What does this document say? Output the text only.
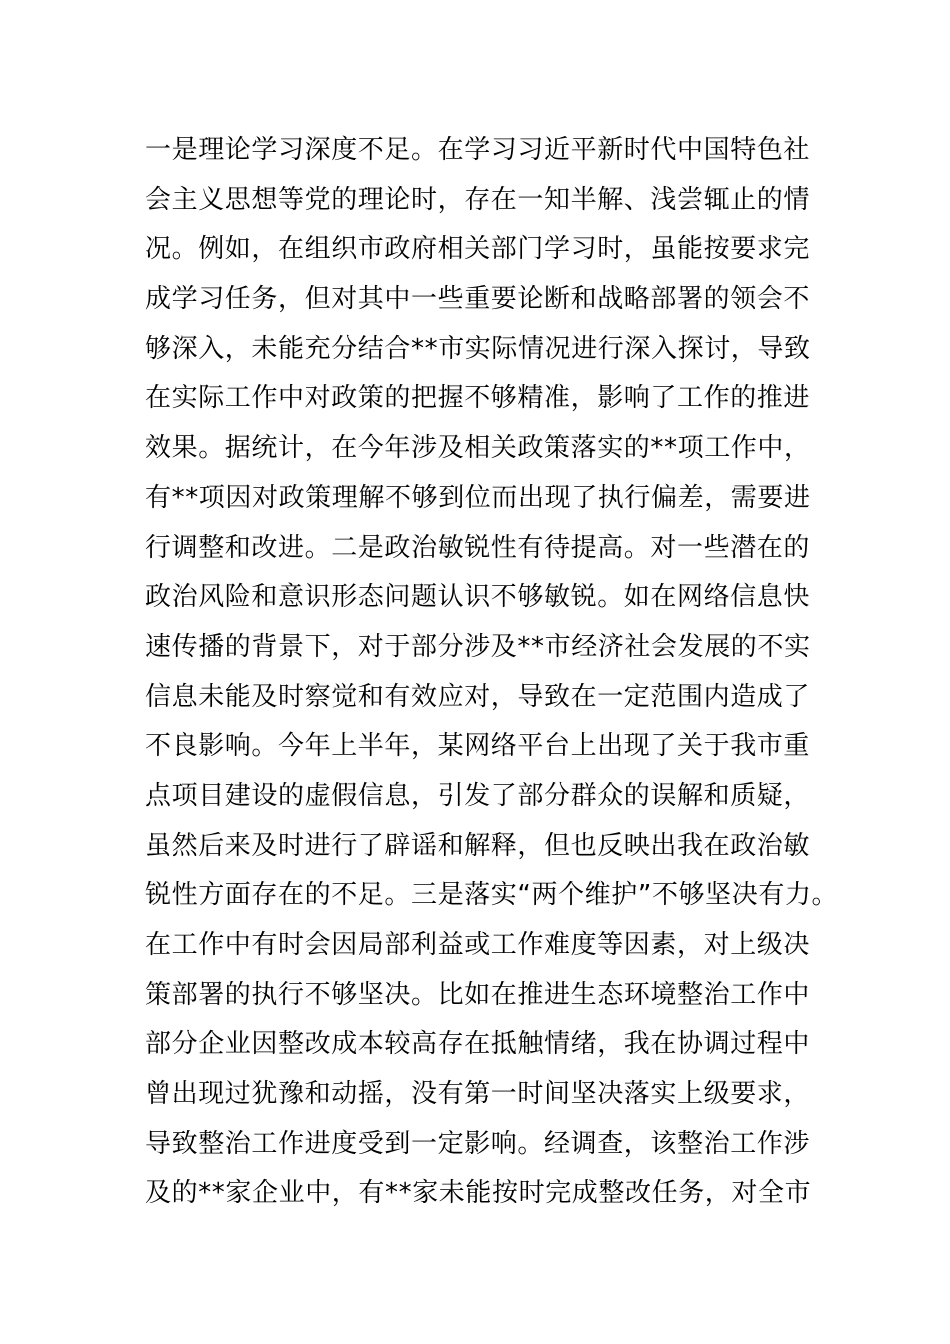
一是理论学习深度不足。在学习习近平新时代中国特色社
会主义思想等党的理论时，存在一知半解、浅尝辄止的情
况。例如，在组织市政府相关部门学习时，虽能按要求完
成学习任务，但对其中一些重要论断和战略部署的领会不
够深入，未能充分结合**市实际情况进行深入探讨，导致
在实际工作中对政策的把握不够精准，影响了工作的推进
效果。据统计，在今年涉及相关政策落实的**项工作中，
有**项因对政策理解不够到位而出现了执行偏差，需要进
行调整和改进。二是政治敏锐性有待提高。对一些潜在的
政治风险和意识形态问题认识不够敏锐。如在网络信息快
速传播的背景下，对于部分涉及**市经济社会发展的不实
信息未能及时察觉和有效应对，导致在一定范围内造成了
不良影响。今年上半年，某网络平台上出现了关于我市重
点项目建设的虚假信息，引发了部分群众的误解和质疑，
虽然后来及时进行了辟谣和解释，但也反映出我在政治敏
锐性方面存在的不足。三是落实“两个维护”不够坚决有力。
在工作中有时会因局部利益或工作难度等因素，对上级决
策部署的执行不够坚决。比如在推进生态环境整治工作中
部分企业因整改成本较高存在抵触情绪，我在协调过程中
曾出现过犹豫和动摇，没有第一时间坚决落实上级要求，
导致整治工作进度受到一定影响。经调查，该整治工作涉
及的**家企业中，有**家未能按时完成整改任务，对全市
